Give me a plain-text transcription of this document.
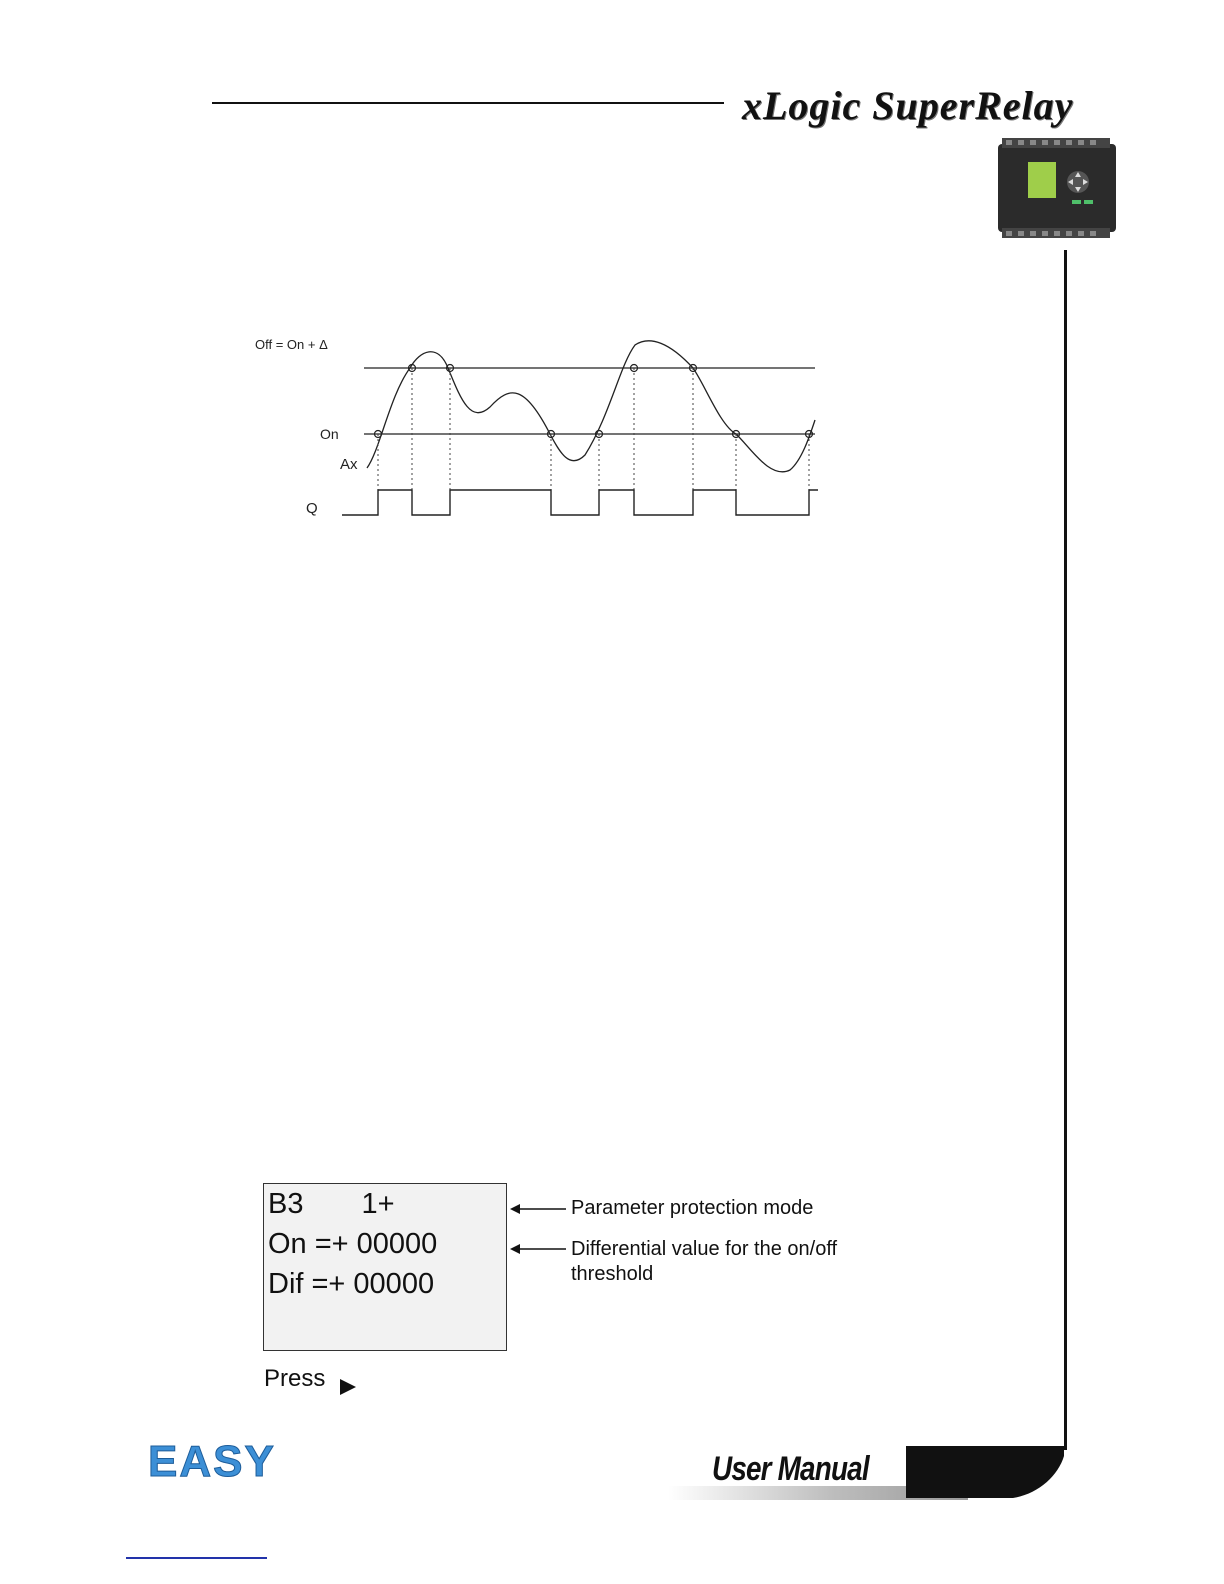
xLogic SuperRelay
Off = On + Δ
On
Ax
Q
B3 1+
On =+ 00000
Dif =+ 00000
Parameter protection mode
Differential value for the on/off threshold
Press
EASY	User Manual
